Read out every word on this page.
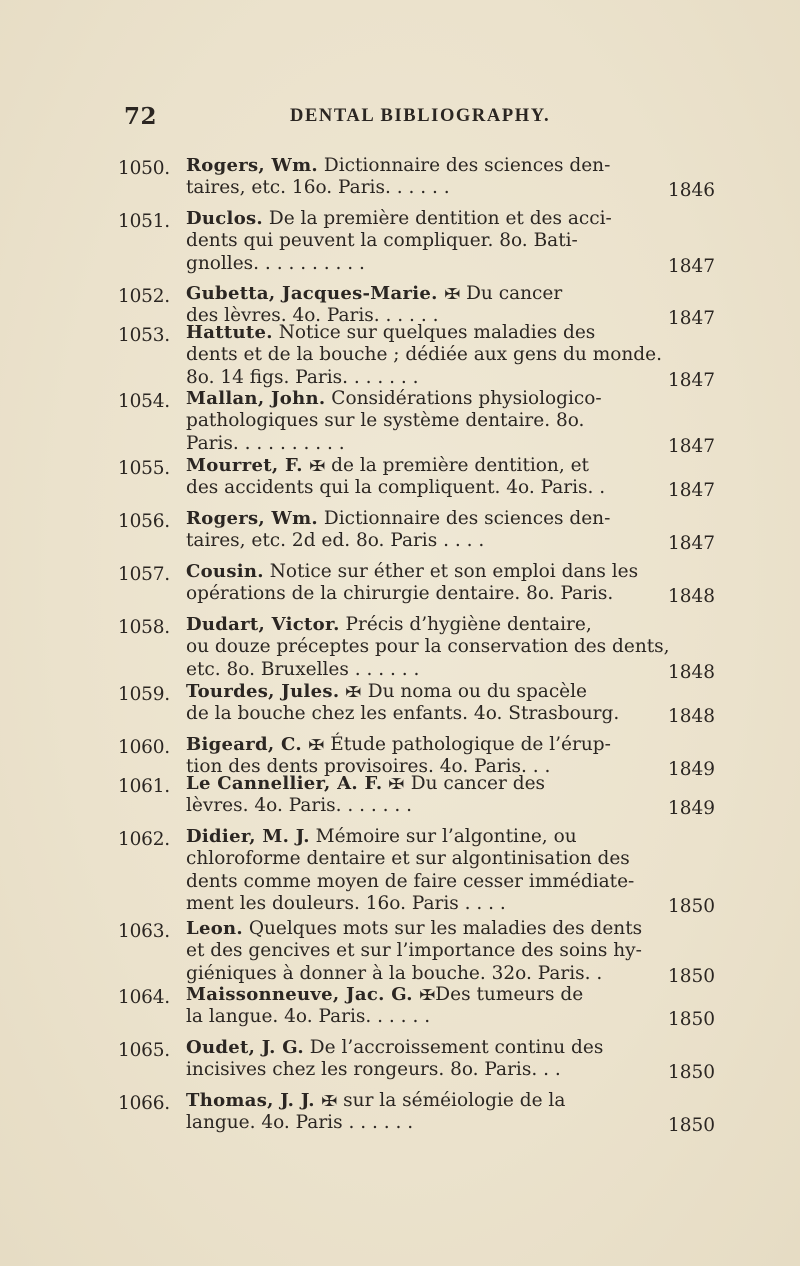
72	DENTAL BIBLIOGRAPHY.
1050. Rogers, Wm. Dictionnaire des sciences den-
taires, etc. 16o. Paris. . . . . .	1846
1051. Duclos. De la première dentition et des acci-
dents qui peuvent la compliquer. 8o. Bati-
gnolles. . . . . . . . . .	1847
1052. Gubetta, Jacques-Marie. ✠ Du cancer
des lèvres. 4o. Paris. . . . . .	1847
1053. Hattute. Notice sur quelques maladies des
dents et de la bouche ; dédiée aux gens du monde.
8o. 14 figs. Paris. . . . . . .	1847
1054. Mallan, John. Considérations physiologico-
pathologiques sur le système dentaire. 8o.
Paris. . . . . . . . . .	1847
1055. Mourret, F. ✠ de la première dentition, et
des accidents qui la compliquent. 4o. Paris. .	1847
1056. Rogers, Wm. Dictionnaire des sciences den-
taires, etc. 2d ed. 8o. Paris . . . .	1847
1057. Cousin. Notice sur éther et son emploi dans les
opérations de la chirurgie dentaire. 8o. Paris.	1848
1058. Dudart, Victor. Précis d’hygiène dentaire,
ou douze préceptes pour la conservation des dents,
etc. 8o. Bruxelles . . . . . .	1848
1059. Tourdes, Jules. ✠ Du noma ou du spacèle
de la bouche chez les enfants. 4o. Strasbourg.	1848
1060. Bigeard, C. ✠ Étude pathologique de l’érup-
tion des dents provisoires. 4o. Paris. . .	1849
1061. Le Cannellier, A. F. ✠ Du cancer des
lèvres. 4o. Paris. . . . . . .	1849
1062. Didier, M. J. Mémoire sur l’algontine, ou
chloroforme dentaire et sur algontinisation des
dents comme moyen de faire cesser immédiate-
ment les douleurs. 16o. Paris . . . .	1850
1063. Leon. Quelques mots sur les maladies des dents
et des gencives et sur l’importance des soins hy-
giéniques à donner à la bouche. 32o. Paris. .	1850
1064. Maissonneuve, Jac. G. ✠Des tumeurs de
la langue. 4o. Paris. . . . . .	1850
1065. Oudet, J. G. De l’accroissement continu des
incisives chez les rongeurs. 8o. Paris. . .	1850
1066. Thomas, J. J. ✠ sur la séméiologie de la
langue. 4o. Paris . . . . . .	1850
